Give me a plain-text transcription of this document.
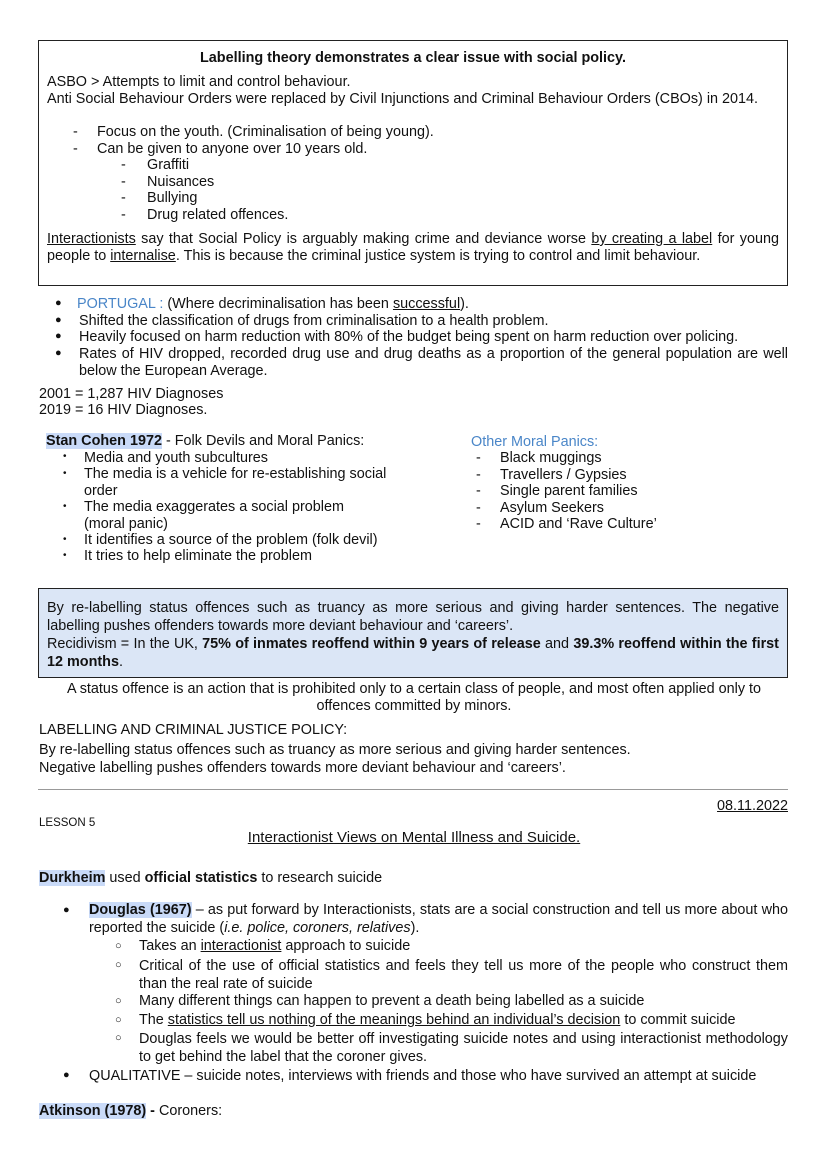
Labelling theory demonstrates a clear issue with social policy.
ASBO > Attempts to limit and control behaviour.
Anti Social Behaviour Orders were replaced by Civil Injunctions and Criminal Behaviour Orders (CBOs) in 2014.
- Focus on the youth. (Criminalisation of being young).
- Can be given to anyone over 10 years old.
- Graffiti
- Nuisances
- Bullying
- Drug related offences.

Interactionists say that Social Policy is arguably making crime and deviance worse by creating a label for young people to internalise. This is because the criminal justice system is trying to control and limit behaviour.

● PORTUGAL : (Where decriminalisation has been successful).

● Shifted the classification of drugs from criminalisation to a health problem.
● Heavily focused on harm reduction with 80% of the budget being spent on harm reduction over policing.
● Rates of HIV dropped, recorded drug use and drug deaths as a proportion of the general population are well below the European Average.
2001 = 1,287 HIV Diagnoses
2019 = 16 HIV Diagnoses.

Stan Cohen 1972 - Folk Devils and Moral Panics:

• Media and youth subcultures
• The media is a vehicle for re-establishing social order
• The media exaggerates a social problem (moral panic)
• It identifies a source of the problem (folk devil)
• It tries to help eliminate the problem
Other Moral Panics:
- Black muggings
- Travellers / Gypsies
- Single parent families
- Asylum Seekers
- ACID and ‘Rave Culture’
By re-labelling status offences such as truancy as more serious and giving harder sentences. The negative labelling pushes offenders towards more deviant behaviour and ‘careers’.

Recidivism = In the UK, 75% of inmates reoffend within 9 years of release and 39.3% reoffend within the first 12 months.

A status offence is an action that is prohibited only to a certain class of people, and most often applied only to offences committed by minors.
LABELLING AND CRIMINAL JUSTICE POLICY:
By re-labelling status offences such as truancy as more serious and giving harder sentences.
Negative labelling pushes offenders towards more deviant behaviour and ‘careers’.
08.11.2022
LESSON 5
Interactionist Views on Mental Illness and Suicide.

Durkheim used official statistics to research suicide

● Douglas (1967) – as put forward by Interactionists, stats are a social construction and tell us more about who reported the suicide (i.e. police, coroners, relatives).

○ Takes an interactionist approach to suicide

○ Critical of the use of official statistics and feels they tell us more of the people who construct them than the real rate of suicide
○ Many different things can happen to prevent a death being labelled as a suicide
○ The statistics tell us nothing of the meanings behind an individual’s decision to commit suicide

○ Douglas feels we would be better off investigating suicide notes and using interactionist methodology to get behind the label that the coroner gives.
● QUALITATIVE – suicide notes, interviews with friends and those who have survived an attempt at suicide

Atkinson (1978) - Coroners:
